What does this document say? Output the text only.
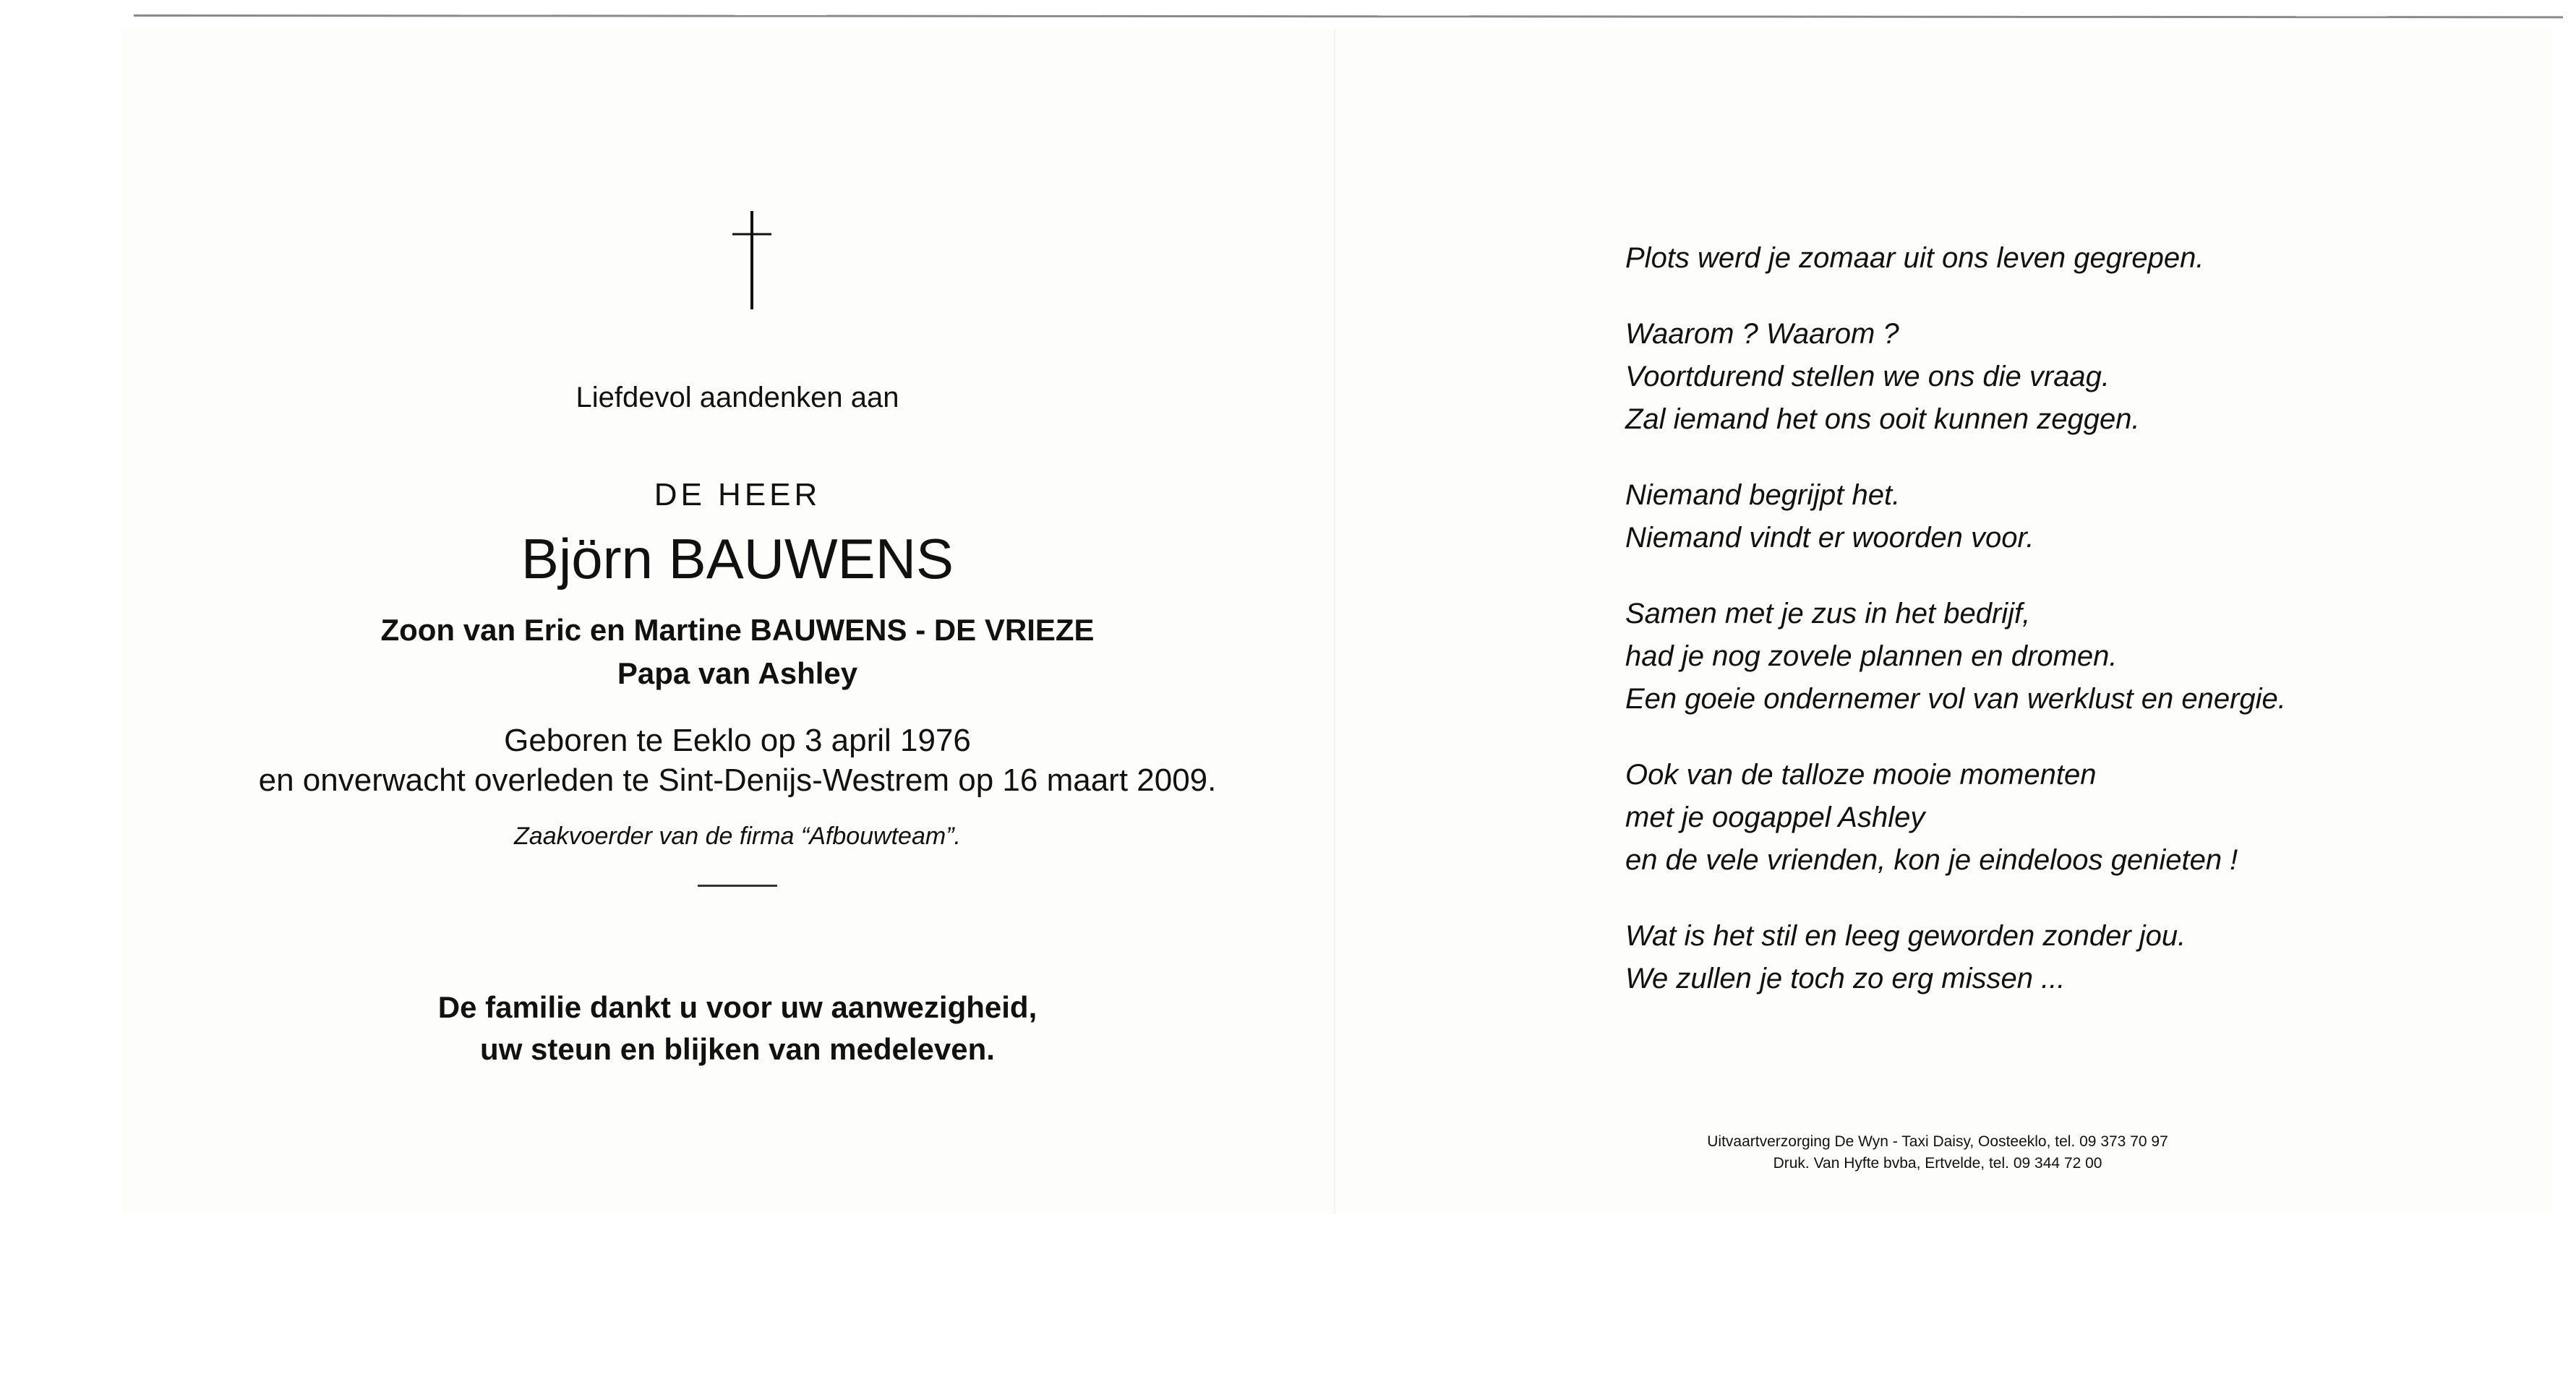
Liefdevol aandenken aan
DE HEER
Björn BAUWENS
Zoon van Eric en Martine BAUWENS - DE VRIEZE
Papa van Ashley
Geboren te Eeklo op 3 april 1976
en onverwacht overleden te Sint-Denijs-Westrem op 16 maart 2009.
Zaakvoerder van de firma “Afbouwteam”.
De familie dankt u voor uw aanwezigheid,
uw steun en blijken van medeleven.
Plots werd je zomaar uit ons leven gegrepen.
Waarom ? Waarom ?
Voortdurend stellen we ons die vraag.
Zal iemand het ons ooit kunnen zeggen.
Niemand begrijpt het.
Niemand vindt er woorden voor.
Samen met je zus in het bedrijf,
had je nog zovele plannen en dromen.
Een goeie ondernemer vol van werklust en energie.
Ook van de talloze mooie momenten
met je oogappel Ashley
en de vele vrienden, kon je eindeloos genieten !
Wat is het stil en leeg geworden zonder jou.
We zullen je toch zo erg missen ...
Uitvaartverzorging De Wyn - Taxi Daisy, Oosteeklo, tel. 09 373 70 97
Druk. Van Hyfte bvba, Ertvelde, tel. 09 344 72 00
